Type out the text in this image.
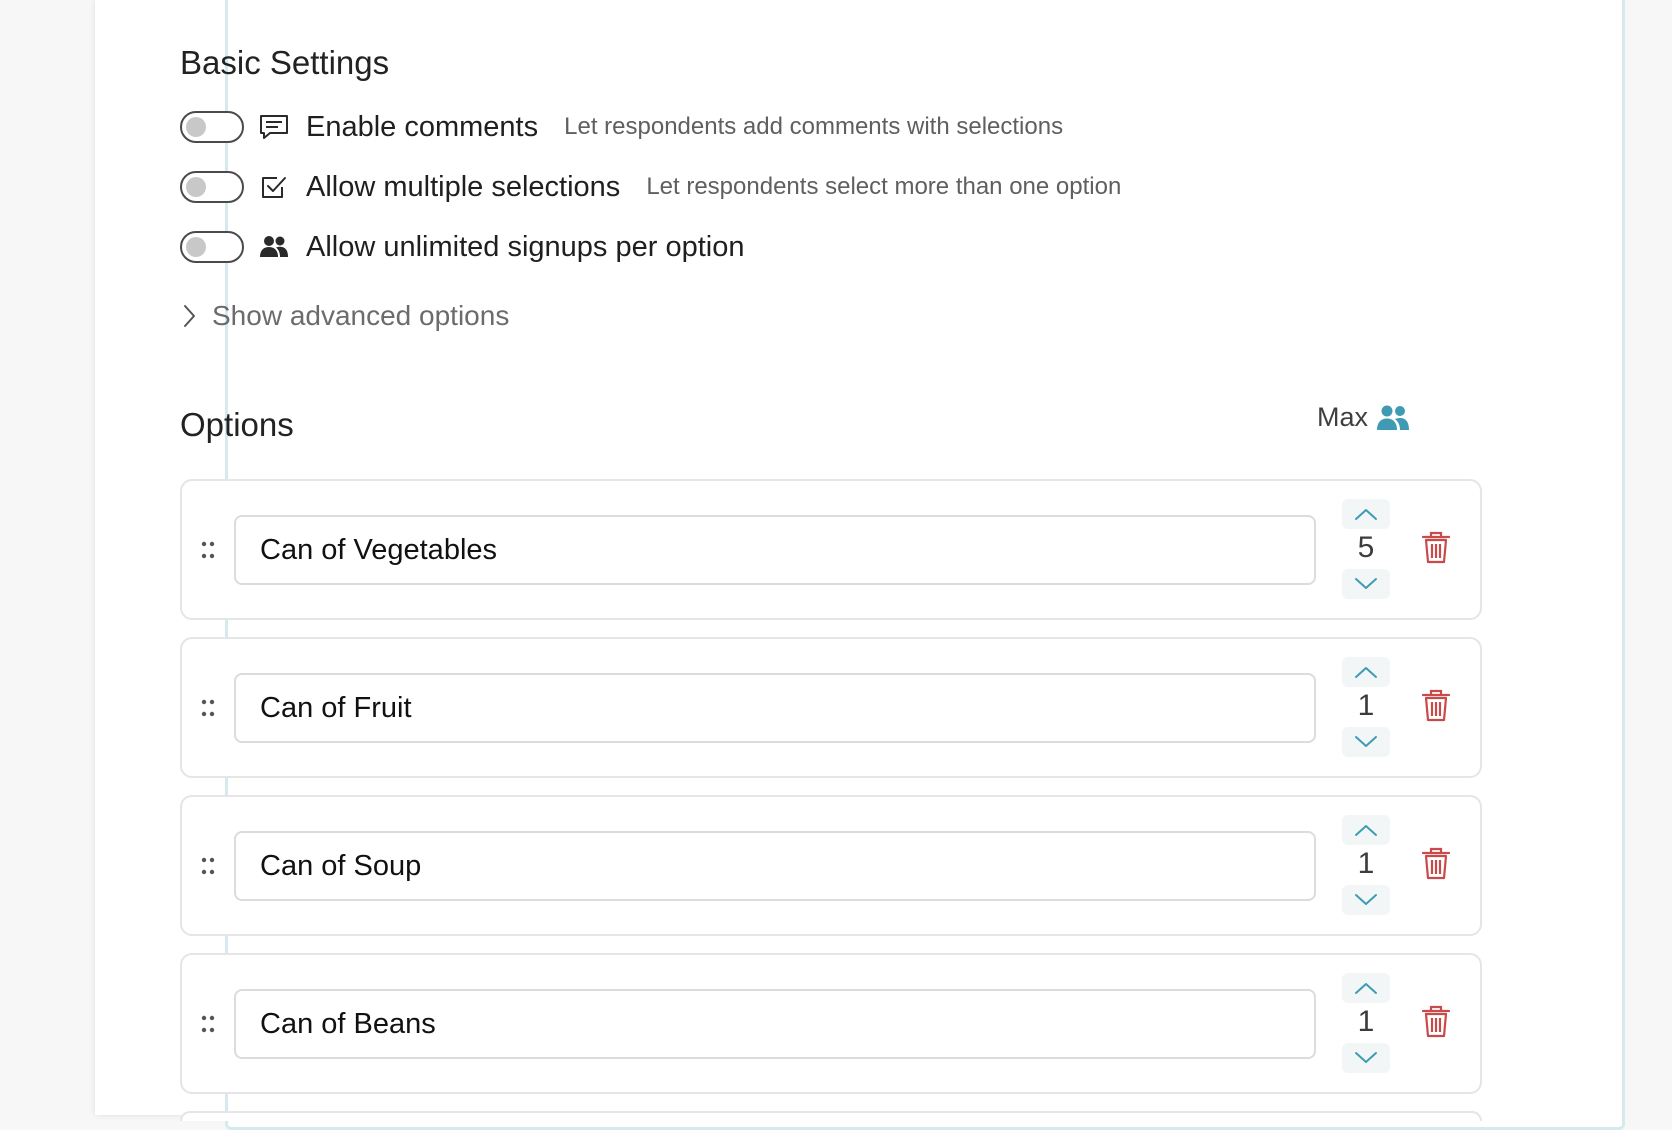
Basic Settings
Enable comments Let respondents add comments with selections
Allow multiple selections Let respondents select more than one option
Allow unlimited signups per option
Show advanced options
Options	Max
Can of Vegetables	5
Can of Fruit	1
Can of Soup	1
Can of Beans	1
